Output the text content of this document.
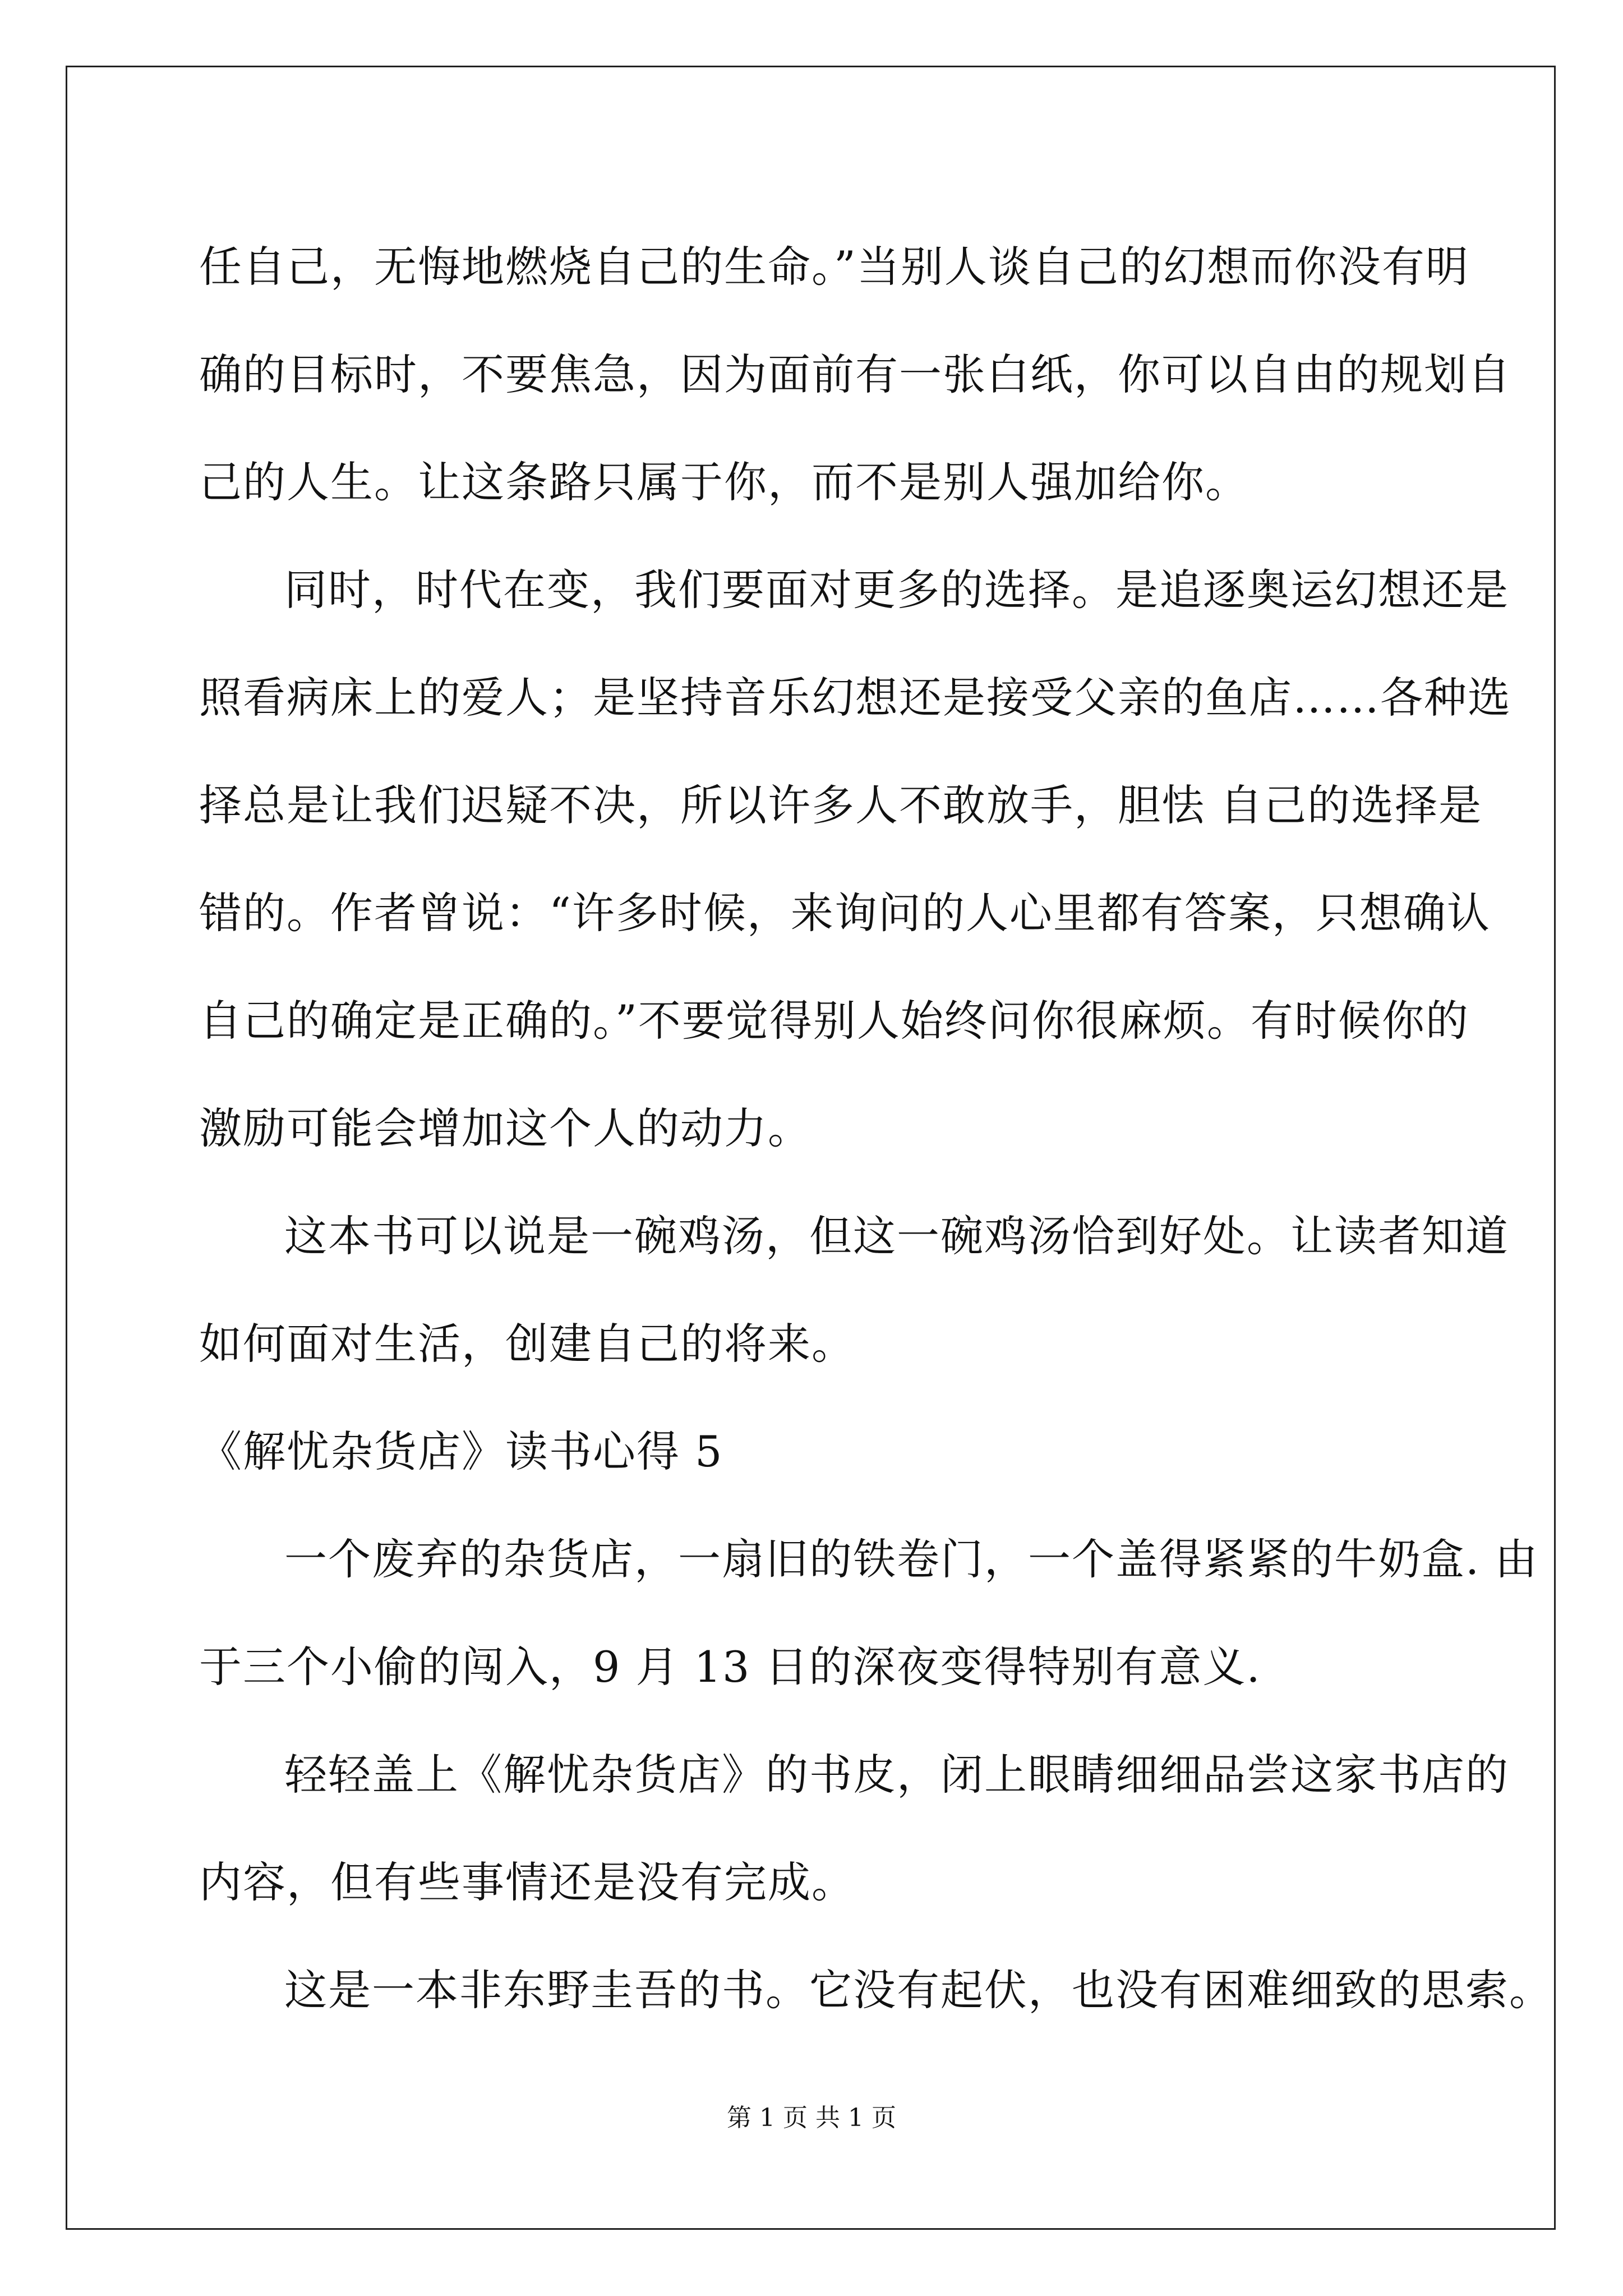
任自己，无悔地燃烧自己的生命。”当别人谈自己的幻想而你没有明
确的目标时，不要焦急，因为面前有一张白纸，你可以自由的规划自
己的人生。让这条路只属于你，而不是别人强加给你。
同时，时代在变，我们要面对更多的选择。是追逐奥运幻想还是
照看病床上的爱人；是坚持音乐幻想还是接受父亲的鱼店……各种选
择总是让我们迟疑不决，所以许多人不敢放手，胆怯 自己的选择是
错的。作者曾说：“许多时候，来询问的人心里都有答案，只想确认
自己的确定是正确的。”不要觉得别人始终问你很麻烦。有时候你的
激励可能会增加这个人的动力。
这本书可以说是一碗鸡汤，但这一碗鸡汤恰到好处。让读者知道
如何面对生活，创建自己的将来。
《解忧杂货店》读书心得 5
一个废弃的杂货店，一扇旧的铁卷门，一个盖得紧紧的牛奶盒. 由
于三个小偷的闯入，9 月 13 日的深夜变得特别有意义.
轻轻盖上《解忧杂货店》的书皮，闭上眼睛细细品尝这家书店的
内容，但有些事情还是没有完成。
这是一本非东野圭吾的书。它没有起伏，也没有困难细致的思索。
第 1 页 共 1 页
